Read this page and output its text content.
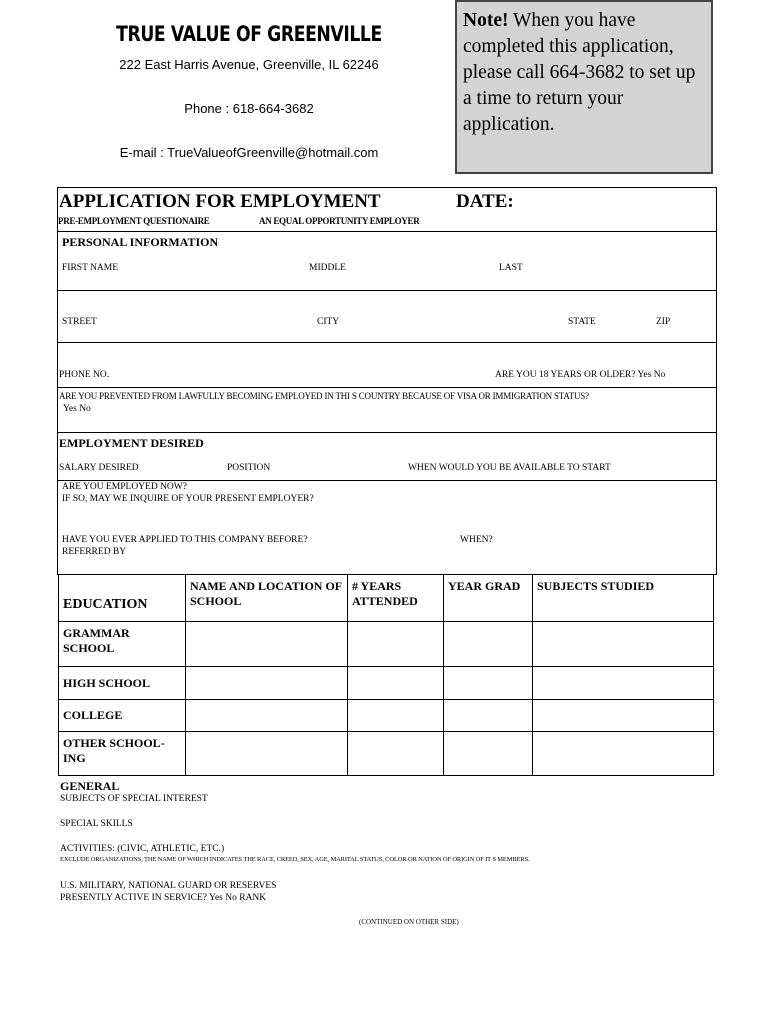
TRUE VALUE OF GREENVILLE
222 East Harris Avenue, Greenville, IL 62246
Phone : 618-664-3682
E-mail : TrueValueofGreenville@hotmail.com
Note! When you have completed this application, please call 664-3682 to set up a time to return your application.
APPLICATION FOR EMPLOYMENT	DATE:
PRE-EMPLOYMENT QUESTIONAIRE	AN EQUAL OPPORTUNITY EMPLOYER
PERSONAL INFORMATION
FIRST NAME	MIDDLE	LAST
STREET	CITY	STATE	ZIP
PHONE NO.	ARE YOU 18 YEARS OR OLDER? Yes No
ARE YOU PREVENTED FROM LAWFULLY BECOMING EMPLOYED IN THI S COUNTRY BECAUSE OF VISA OR IMMIGRATION STATUS?
Yes No
EMPLOYMENT DESIRED
SALARY DESIRED	POSITION	WHEN WOULD YOU BE AVAILABLE TO START
ARE YOU EMPLOYED NOW?
IF SO, MAY WE INQUIRE OF YOUR PRESENT EMPLOYER?
HAVE YOU EVER APPLIED TO THIS COMPANY BEFORE?	WHEN?
REFERRED BY
EDUCATION	NAME AND LOCATION OF SCHOOL	# YEARS ATTENDED	YEAR GRAD	SUBJECTS STUDIED
GRAMMAR SCHOOL				
HIGH SCHOOL				
COLLEGE				
OTHER SCHOOL-ING				
GENERAL
SUBJECTS OF SPECIAL INTEREST
SPECIAL SKILLS
ACTIVITIES: (CIVIC, ATHLETIC, ETC.)
EXCLUDE ORGANIZATIONS, THE NAME OF WHICH INDICATES THE RACE, CREED, SEX, AGE, MARITAL STATUS, COLOR OR NATION OF ORIGIN OF IT S MEMBERS.
U.S. MILITARY, NATIONAL GUARD OR RESERVES
PRESENTLY ACTIVE IN SERVICE? Yes No RANK
(CONTINUED ON OTHER SIDE)
